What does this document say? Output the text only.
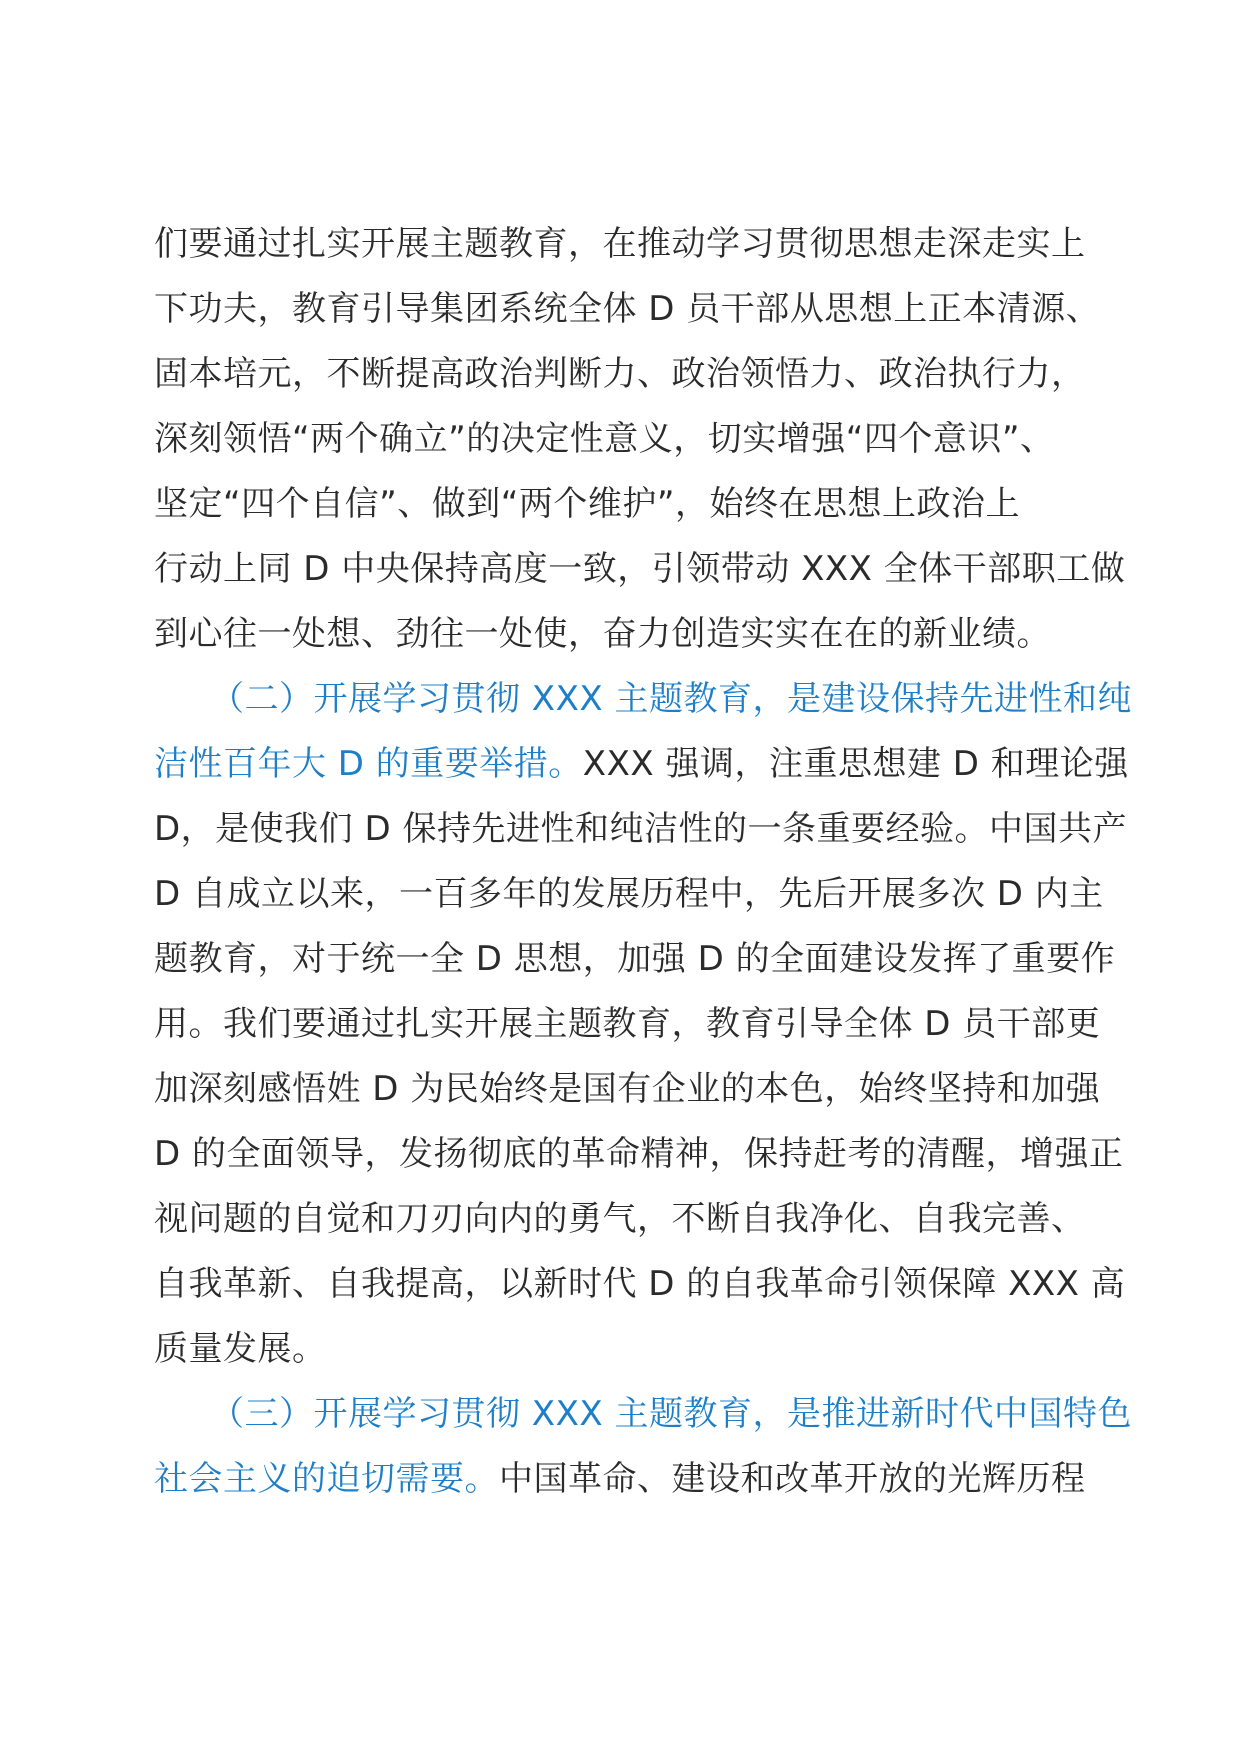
们要通过扎实开展主题教育，在推动学习贯彻思想走深走实上
下功夫，教育引导集团系统全体 D 员干部从思想上正本清源、
固本培元，不断提高政治判断力、政治领悟力、政治执行力，
深刻领悟“两个确立”的决定性意义，切实增强“四个意识”、
坚定“四个自信”、做到“两个维护”，始终在思想上政治上
行动上同 D 中央保持高度一致，引领带动 XXX 全体干部职工做
到心往一处想、劲往一处使，奋力创造实实在在的新业绩。
（二）开展学习贯彻 XXX 主题教育，是建设保持先进性和纯
洁性百年大 D 的重要举措。XXX 强调，注重思想建 D 和理论强
D，是使我们 D 保持先进性和纯洁性的一条重要经验。中国共产
D 自成立以来，一百多年的发展历程中，先后开展多次 D 内主
题教育，对于统一全 D 思想，加强 D 的全面建设发挥了重要作
用。我们要通过扎实开展主题教育，教育引导全体 D 员干部更
加深刻感悟姓 D 为民始终是国有企业的本色，始终坚持和加强
D 的全面领导，发扬彻底的革命精神，保持赶考的清醒，增强正
视问题的自觉和刀刃向内的勇气，不断自我净化、自我完善、
自我革新、自我提高，以新时代 D 的自我革命引领保障 XXX 高
质量发展。
（三）开展学习贯彻 XXX 主题教育，是推进新时代中国特色
社会主义的迫切需要。中国革命、建设和改革开放的光辉历程
